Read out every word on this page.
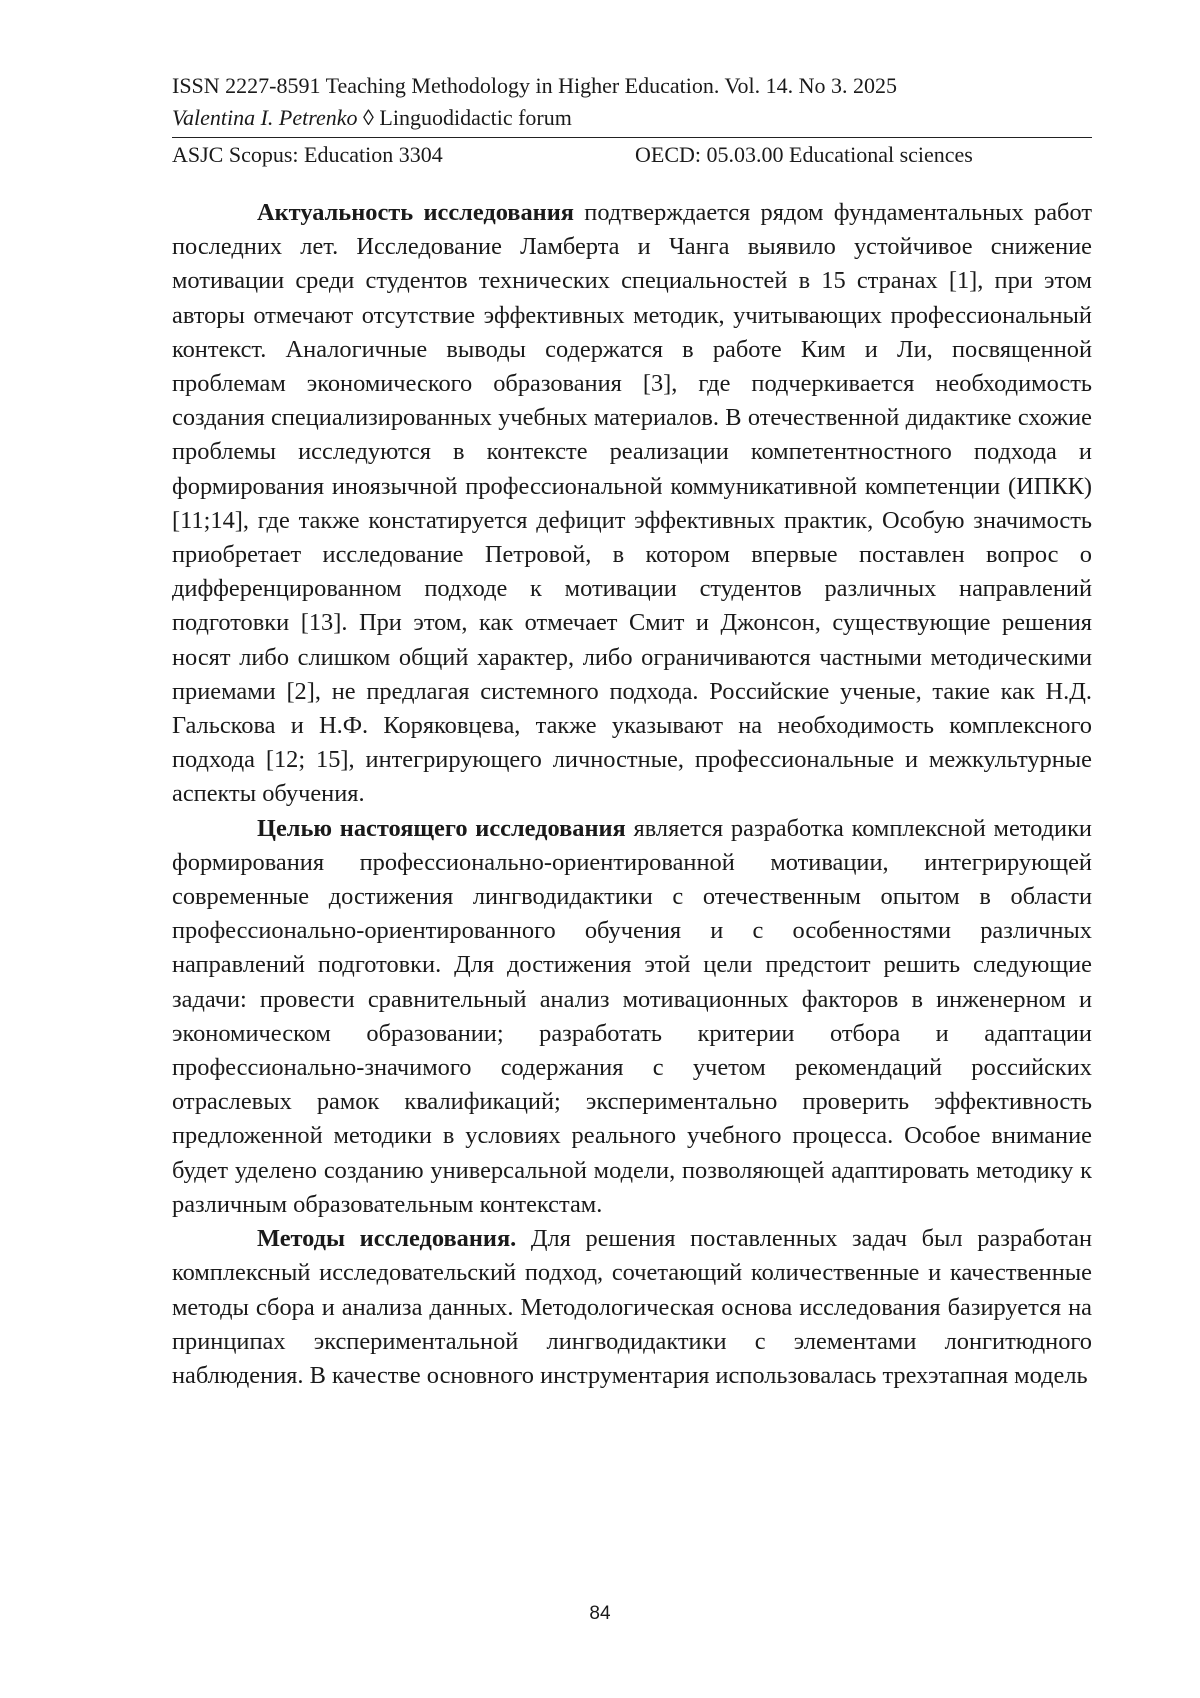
ISSN 2227-8591 Teaching Methodology in Higher Education. Vol. 14. No 3. 2025
Valentina I. Petrenko ◊ Linguodidactic forum
ASJC Scopus: Education 3304	OECD: 05.03.00 Educational sciences

Актуальность исследования подтверждается рядом фундаментальных работ последних лет. Исследование Ламберта и Чанга выявило устойчивое снижение мотивации среди студентов технических специальностей в 15 странах [1], при этом авторы отмечают отсутствие эффективных методик, учитывающих профессиональный контекст. Аналогичные выводы содержатся в работе Ким и Ли, посвященной проблемам экономического образования [3], где подчеркивается необходимость создания специализированных учебных материалов. В отечественной дидактике схожие проблемы исследуются в контексте реализации компетентностного подхода и формирования иноязычной профессиональной коммуникативной компетенции (ИПКК) [11;14], где также констатируется дефицит эффективных практик, Особую значимость приобретает исследование Петровой, в котором впервые поставлен вопрос о дифференцированном подходе к мотивации студентов различных направлений подготовки [13]. При этом, как отмечает Смит и Джонсон, существующие решения носят либо слишком общий характер, либо ограничиваются частными методическими приемами [2], не предлагая системного подхода. Российские ученые, такие как Н.Д. Гальскова и Н.Ф. Коряковцева, также указывают на необходимость комплексного подхода [12; 15], интегрирующего личностные, профессиональные и межкультурные аспекты обучения.

Целью настоящего исследования является разработка комплексной методики формирования профессионально-ориентированной мотивации, интегрирующей современные достижения лингводидактики с отечественным опытом в области профессионально-ориентированного обучения и с особенностями различных направлений подготовки. Для достижения этой цели предстоит решить следующие задачи: провести сравнительный анализ мотивационных факторов в инженерном и экономическом образовании; разработать критерии отбора и адаптации профессионально-значимого содержания с учетом рекомендаций российских отраслевых рамок квалификаций; экспериментально проверить эффективность предложенной методики в условиях реального учебного процесса. Особое внимание будет уделено созданию универсальной модели, позволяющей адаптировать методику к различным образовательным контекстам.

Методы исследования. Для решения поставленных задач был разработан комплексный исследовательский подход, сочетающий количественные и качественные методы сбора и анализа данных. Методологическая основа исследования базируется на принципах экспериментальной лингводидактики с элементами лонгитюдного наблюдения. В качестве основного инструментария использовалась трехэтапная модель

84
